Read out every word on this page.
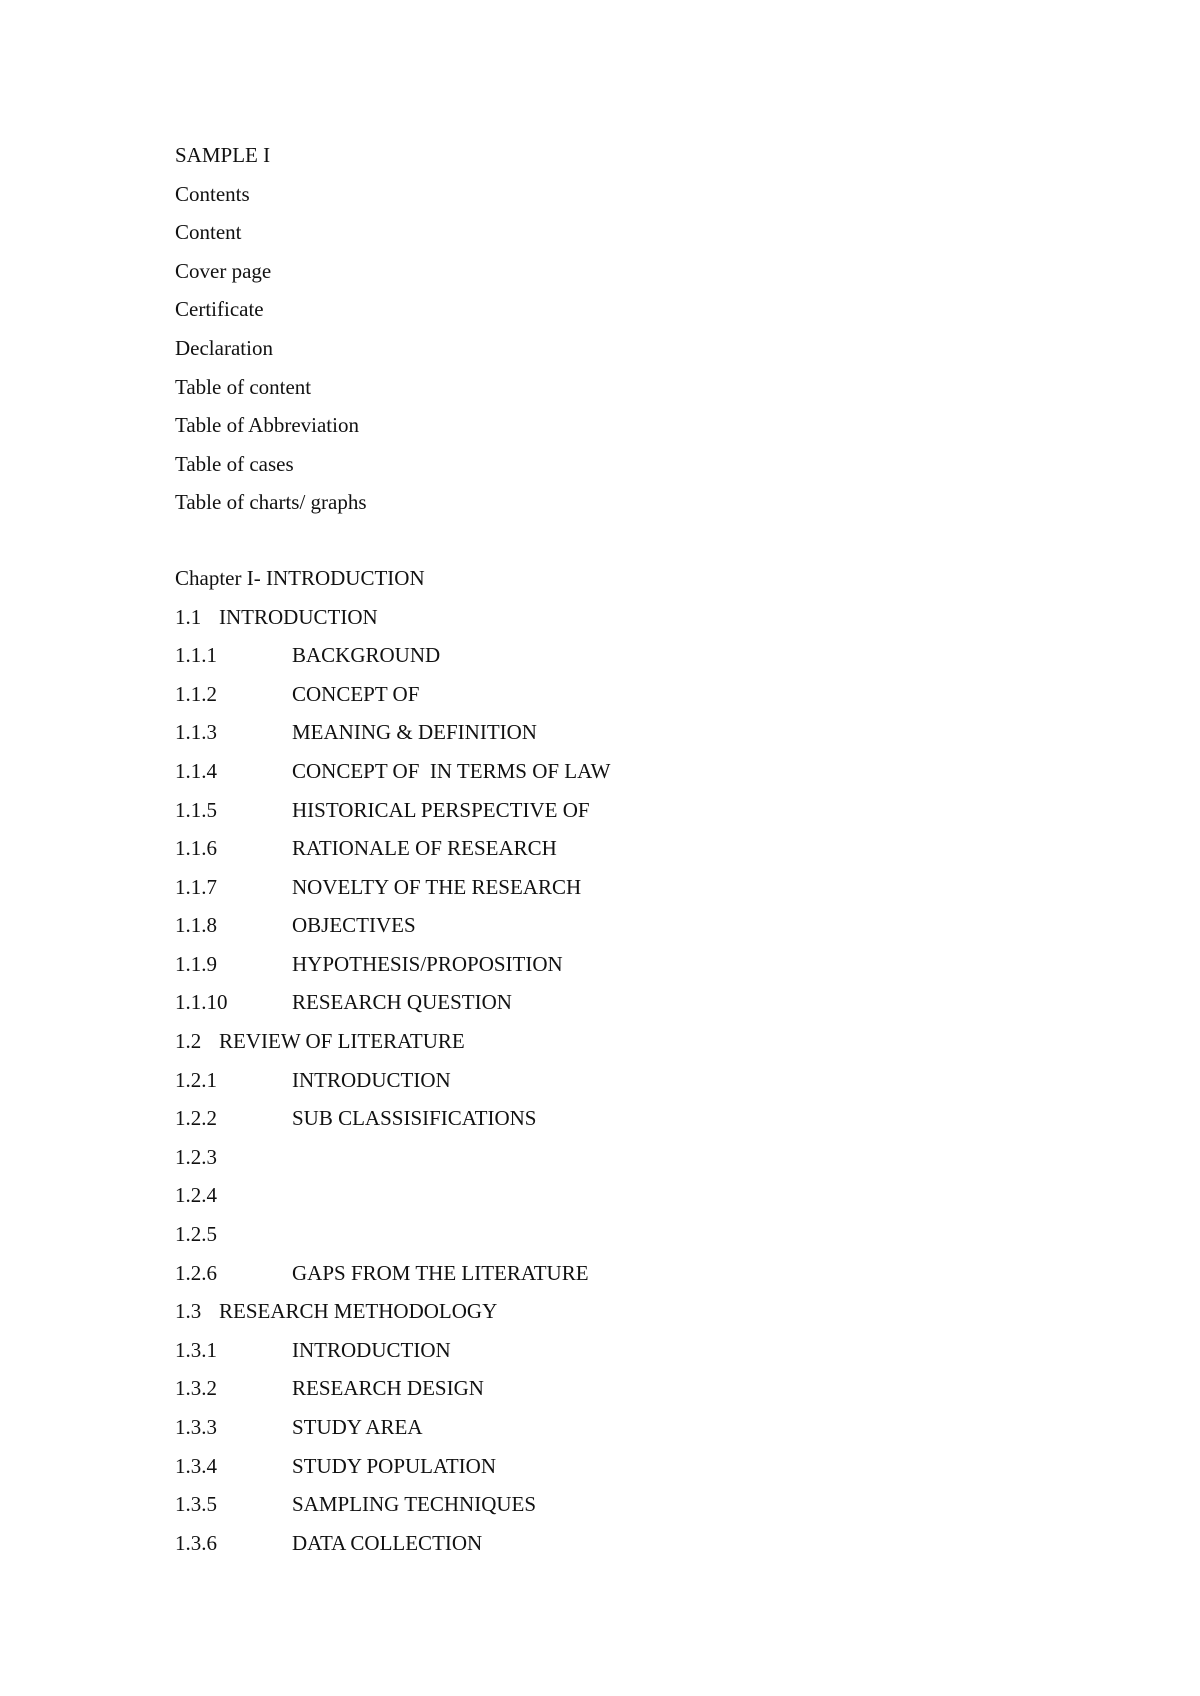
SAMPLE I
Contents
Content
Cover page
Certificate
Declaration
Table of content
Table of Abbreviation
Table of cases
Table of charts/ graphs
Chapter I- INTRODUCTION
1.1 INTRODUCTION
1.1.1	BACKGROUND
1.1.2	CONCEPT OF
1.1.3	MEANING & DEFINITION
1.1.4	CONCEPT OF  IN TERMS OF LAW
1.1.5	HISTORICAL PERSPECTIVE OF
1.1.6	RATIONALE OF RESEARCH
1.1.7	NOVELTY OF THE RESEARCH
1.1.8	OBJECTIVES
1.1.9	HYPOTHESIS/PROPOSITION
1.1.10	RESEARCH QUESTION
1.2 REVIEW OF LITERATURE
1.2.1	INTRODUCTION
1.2.2	SUB CLASSISIFICATIONS
1.2.3
1.2.4
1.2.5
1.2.6	GAPS FROM THE LITERATURE
1.3 RESEARCH METHODOLOGY
1.3.1	INTRODUCTION
1.3.2	RESEARCH DESIGN
1.3.3	STUDY AREA
1.3.4	STUDY POPULATION
1.3.5	SAMPLING TECHNIQUES
1.3.6	DATA COLLECTION
